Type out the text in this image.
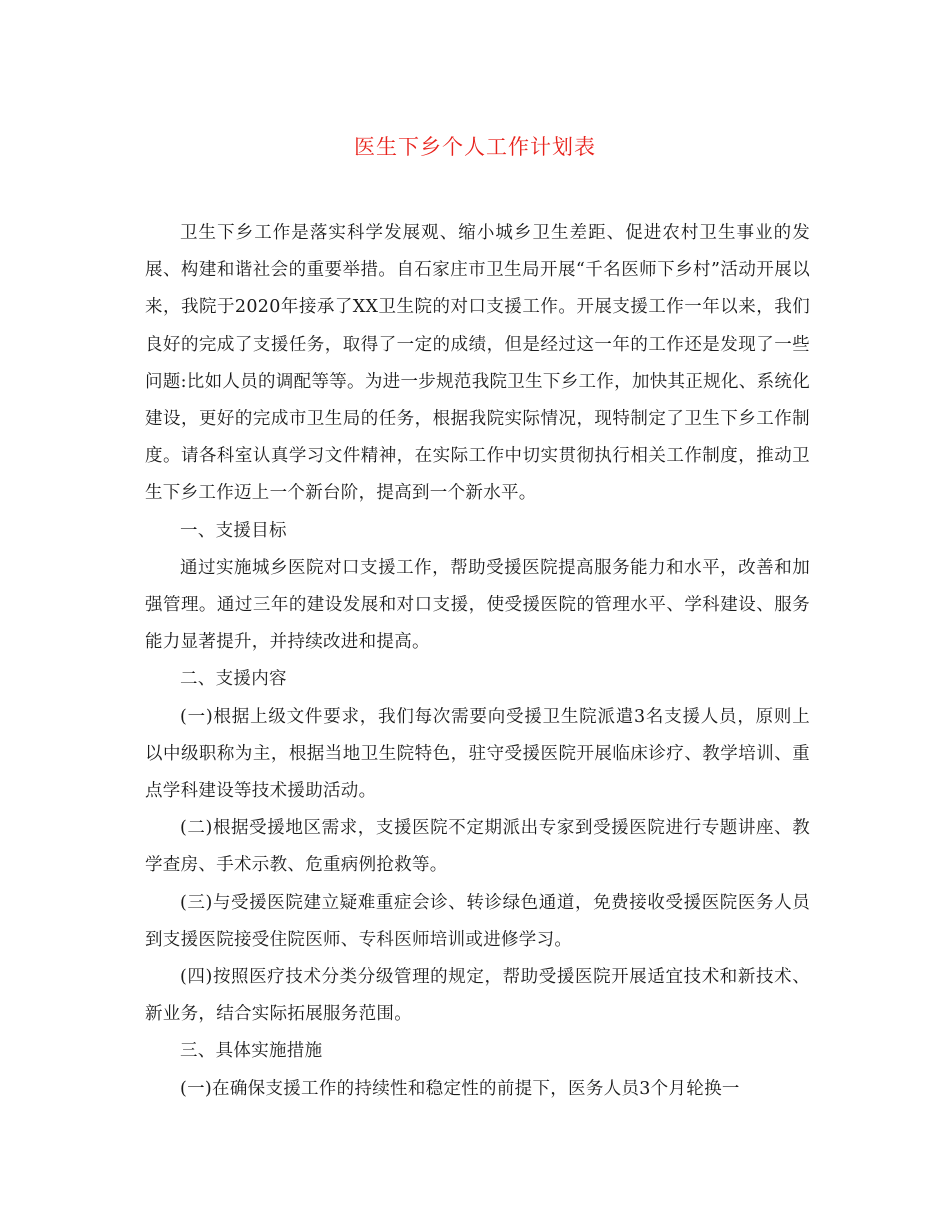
医生下乡个人工作计划表

卫生下乡工作是落实科学发展观、缩小城乡卫生差距、促进农村卫生事业的发展、构建和谐社会的重要举措。自石家庄市卫生局开展“千名医师下乡村”活动开展以来，我院于2020年接承了XX卫生院的对口支援工作。开展支援工作一年以来，我们良好的完成了支援任务，取得了一定的成绩，但是经过这一年的工作还是发现了一些问题:比如人员的调配等等。为进一步规范我院卫生下乡工作，加快其正规化、系统化建设，更好的完成市卫生局的任务，根据我院实际情况，现特制定了卫生下乡工作制度。请各科室认真学习文件精神，在实际工作中切实贯彻执行相关工作制度，推动卫生下乡工作迈上一个新台阶，提高到一个新水平。

一、支援目标

通过实施城乡医院对口支援工作，帮助受援医院提高服务能力和水平，改善和加强管理。通过三年的建设发展和对口支援，使受援医院的管理水平、学科建设、服务能力显著提升，并持续改进和提高。

二、支援内容

(一)根据上级文件要求，我们每次需要向受援卫生院派遣3名支援人员，原则上以中级职称为主，根据当地卫生院特色，驻守受援医院开展临床诊疗、教学培训、重点学科建设等技术援助活动。

(二)根据受援地区需求，支援医院不定期派出专家到受援医院进行专题讲座、教学查房、手术示教、危重病例抢救等。

(三)与受援医院建立疑难重症会诊、转诊绿色通道，免费接收受援医院医务人员到支援医院接受住院医师、专科医师培训或进修学习。

(四)按照医疗技术分类分级管理的规定，帮助受援医院开展适宜技术和新技术、新业务，结合实际拓展服务范围。

三、具体实施措施

(一)在确保支援工作的持续性和稳定性的前提下，医务人员3个月轮换一
